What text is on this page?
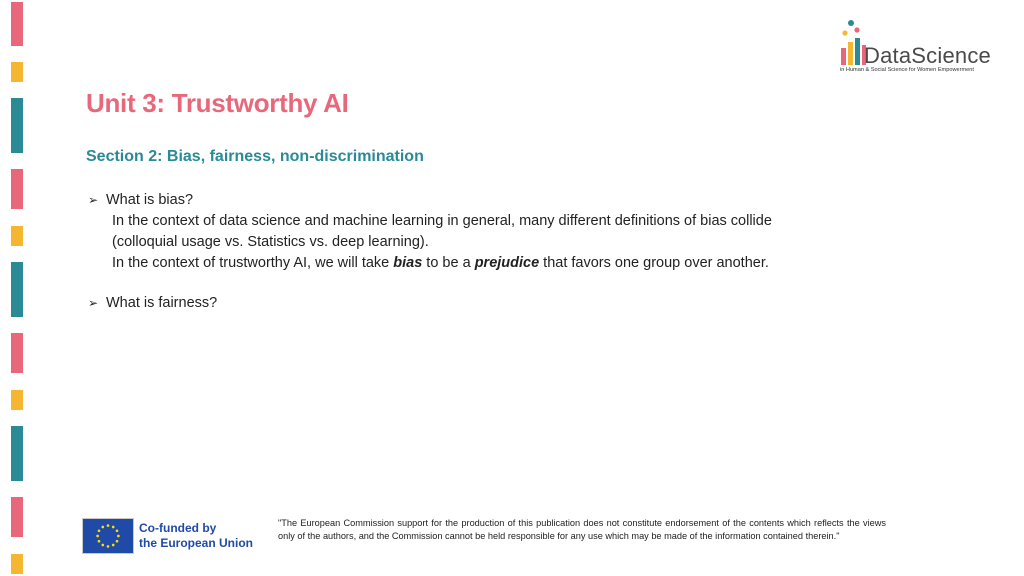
DataScience
in Human & Social Science for Women Empowerment
Unit 3: Trustworthy AI
Section 2: Bias, fairness, non-discrimination
➢ What is bias?
In the context of data science and machine learning in general, many different definitions of bias collide
(colloquial usage vs. Statistics vs. deep learning).
In the context of trustworthy AI, we will take bias to be a prejudice that favors one group over another.
➢ What is fairness?
Co-funded by
the European Union
"The European Commission support for the production of this publication does not constitute endorsement of the contents which reflects the views only of the authors, and the Commission cannot be held responsible for any use which may be made of the information contained therein."
